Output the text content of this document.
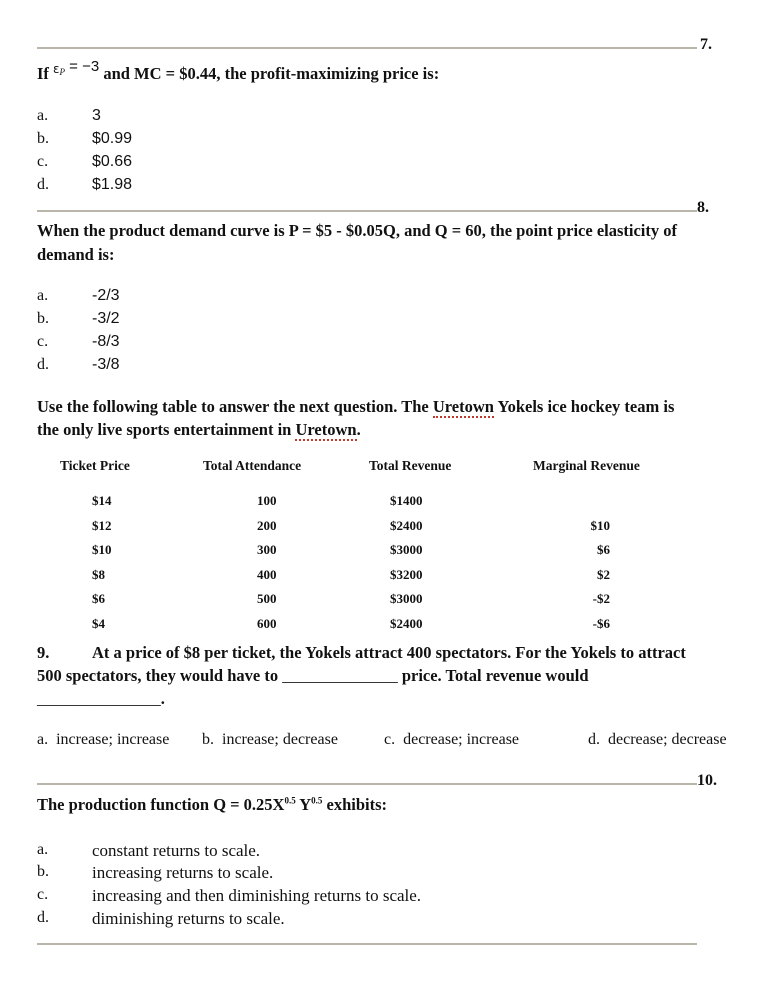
7.
If $^{\varepsilon P}$ = −3 and MC = $0.44, the profit-maximizing price is:
a.	3
b.	$0.99
c.	$0.66
d.	$1.98
8.
When the product demand curve is P = $5 - $0.05Q, and Q = 60, the point price elasticity of
demand is:
a.	-2/3
b.	-3/2
c.	-8/3
d.	-3/8
Use the following table to answer the next question. The Uretown Yokels ice hockey team is
the only live sports entertainment in Uretown.
Ticket Price	Total Attendance	Total Revenue	Marginal Revenue
$14	100	$1400
$12	200	$2400	$10
$10	300	$3000	$6
$8	400	$3200	$2
$6	500	$3000	-$2
$4	600	$2400	-$6
9.	At a price of $8 per ticket, the Yokels attract 400 spectators. For the Yokels to attract
500 spectators, they would have to ______________ price. Total revenue would
_______________.
a.  increase; increase b.  increase; decrease	c.  decrease; increase	d.  decrease; decrease
10.
The production function $Q = 0.25X^{0.5}$ $Y^{0.5}$ exhibits:
a.	constant returns to scale.
b.	increasing returns to scale.
c.	increasing and then diminishing returns to scale.
d.	diminishing returns to scale.
